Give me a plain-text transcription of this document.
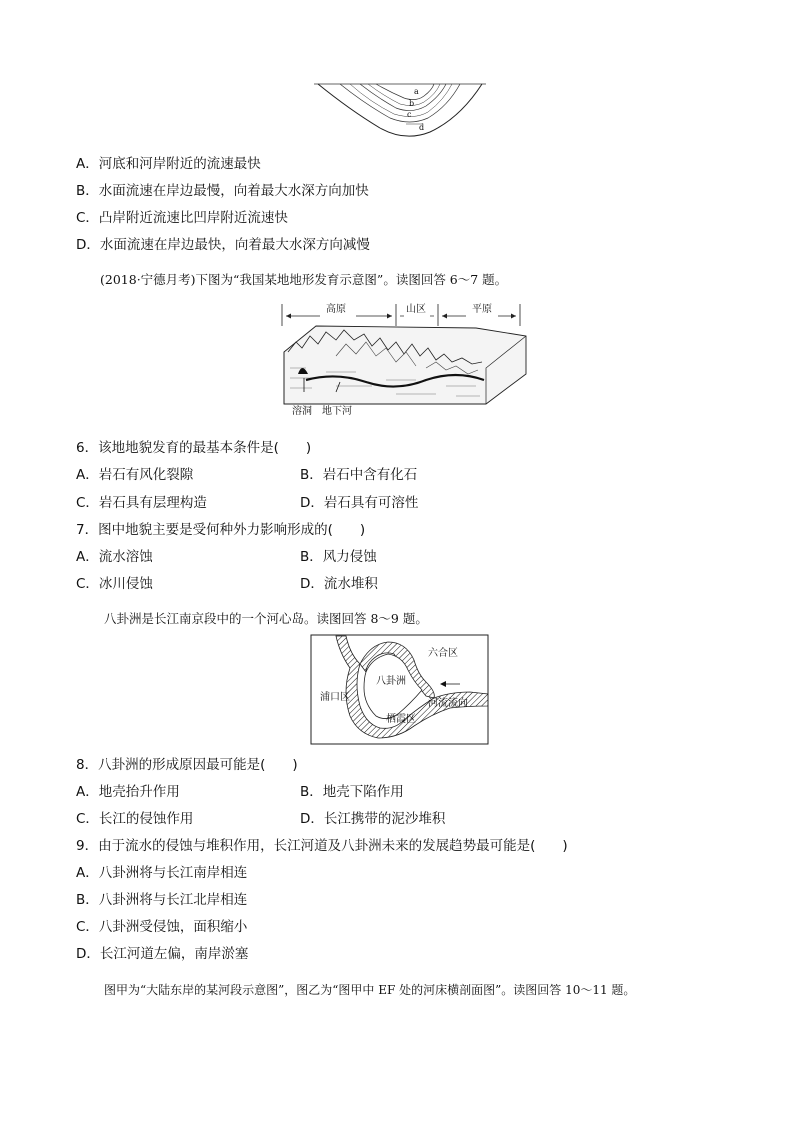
a
b
c
d
A．河底和河岸附近的流速最快
B．水面流速在岸边最慢，向着最大水深方向加快
C．凸岸附近流速比凹岸附近流速快
D．水面流速在岸边最快，向着最大水深方向减慢
(2018·宁德月考)下图为“我国某地地形发育示意图”。读图回答 6～7 题。
高原	山区	平原
溶洞 地下河
6．该地地貌发育的最基本条件是(　　)
A．岩石有风化裂隙	B．岩石中含有化石
C．岩石具有层理构造	D．岩石具有可溶性
7．图中地貌主要是受何种外力影响形成的(　　)
A．流水溶蚀	B．风力侵蚀
C．冰川侵蚀	D．流水堆积
八卦洲是长江南京段中的一个河心岛。读图回答 8～9 题。
八卦洲
六合区
浦口区
河流流向
栖霞区
8．八卦洲的形成原因最可能是(　　)
A．地壳抬升作用	B．地壳下陷作用
C．长江的侵蚀作用	D．长江携带的泥沙堆积
9．由于流水的侵蚀与堆积作用，长江河道及八卦洲未来的发展趋势最可能是(　　)
A．八卦洲将与长江南岸相连
B．八卦洲将与长江北岸相连
C．八卦洲受侵蚀，面积缩小
D．长江河道左偏，南岸淤塞
图甲为“大陆东岸的某河段示意图”，图乙为“图甲中 EF 处的河床横剖面图”。读图回答 10～11 题。
